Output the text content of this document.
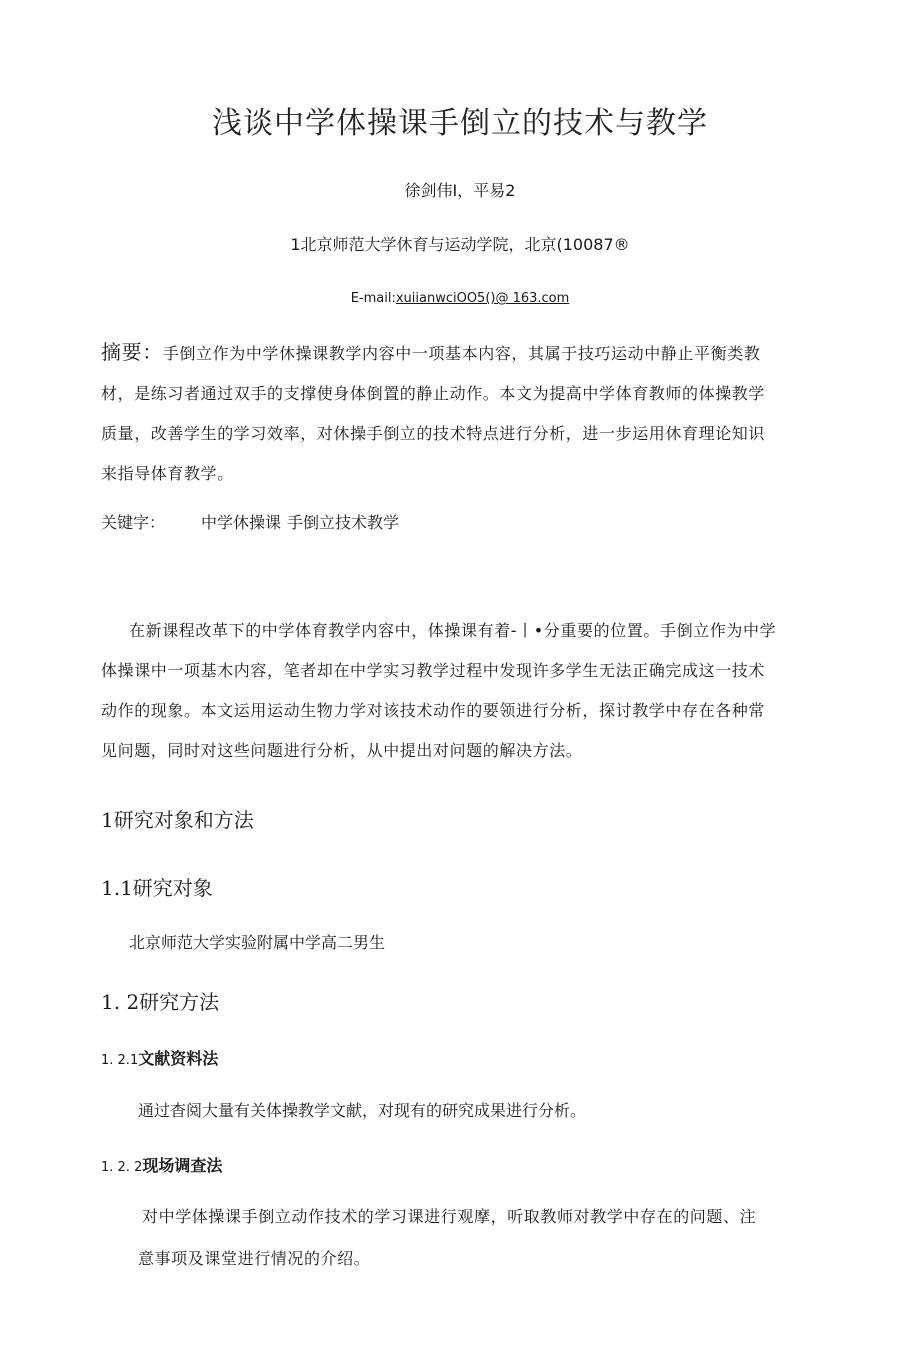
浅谈中学体操课手倒立的技术与教学
徐剑伟I，平易2
1北京师范大学休育与运动学院，北京(10087®
E-mail:xuiianwciOO5()@ 163.com
摘要：手倒立作为中学休操课教学内容中一项基本内容，其属于技巧运动中静止平衡类教
材，是练习者通过双手的支撑使身体倒置的静止动作。本文为提高中学体育教师的体操教学
质量，改善学生的学习效率，对休操手倒立的技术特点进行分析，进一步运用休育理论知识
来指导体育教学。
关键字： 中学休操课 手倒立技术教学
在新课程改革下的中学体育教学内容中，体操课有着-丨•分重要的位置。手倒立作为中学
体操课中一项基木内容，笔者却在中学实习教学过程中发现许多学生无法正确完成这一技术
动作的现象。本文运用运动生物力学对该技术动作的要领进行分析，探讨教学中存在各种常
见问题，同时对这些问题进行分析，从中提出对问题的解决方法。
1研究对象和方法
1.1研究对象
北京师范大学实验附属中学高二男生
1. 2研究方法
1. 2.1文献资料法
通过杳阅大量有关体操教学文献，对现有的研究成果进行分析。
1. 2. 2现场调查法
对中学体操课手倒立动作技术的学习课进行观摩，听取教师对教学中存在的问题、注
意事项及课堂进行情况的介绍。
